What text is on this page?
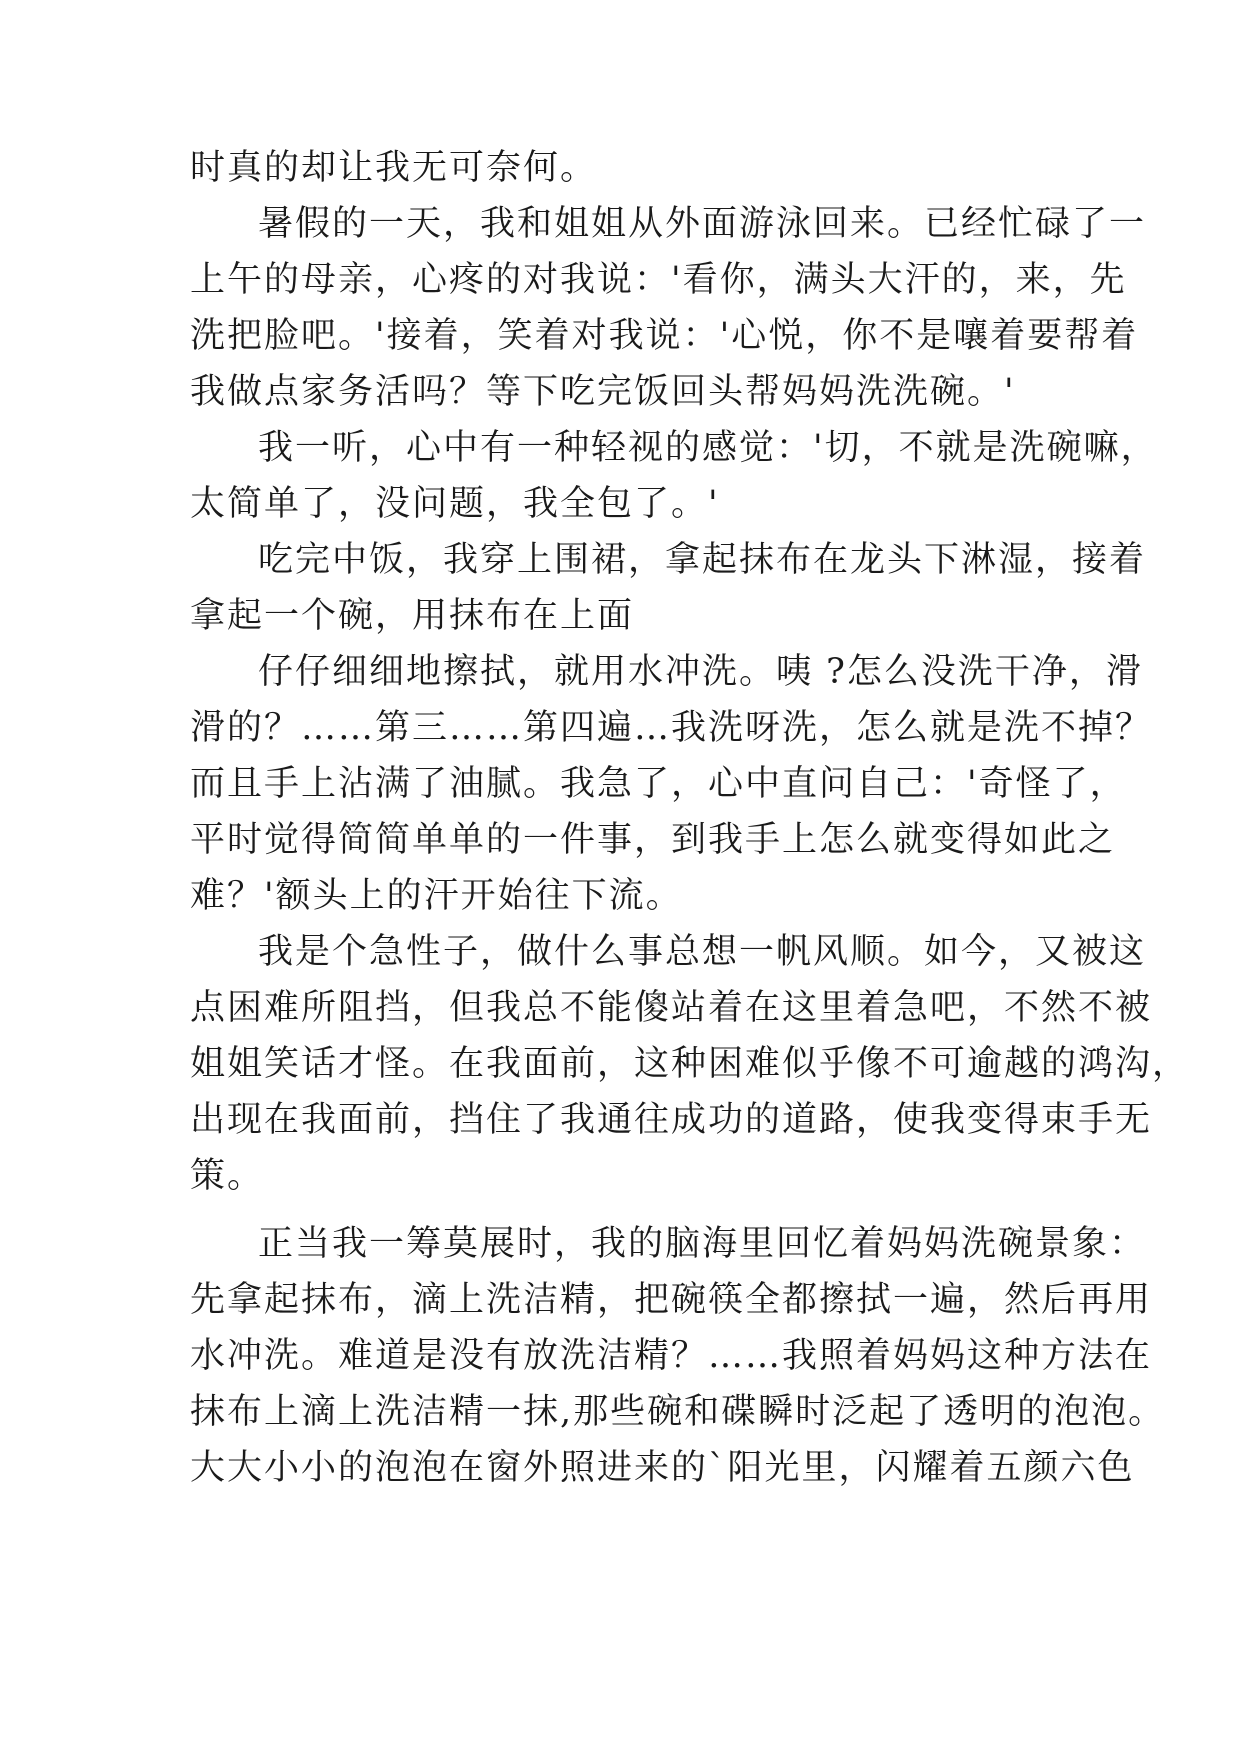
时真的却让我无可奈何。
暑假的一天，我和姐姐从外面游泳回来。已经忙碌了一
上午的母亲，心疼的对我说：'看你，满头大汗的，来，先
洗把脸吧。'接着，笑着对我说：'心悦，你不是嚷着要帮着
我做点家务活吗？等下吃完饭回头帮妈妈洗洗碗。'
我一听，心中有一种轻视的感觉：'切，不就是洗碗嘛，
太简单了，没问题，我全包了。'
吃完中饭，我穿上围裙，拿起抹布在龙头下淋湿，接着
拿起一个碗，用抹布在上面
仔仔细细地擦拭，就用水冲洗。咦 ?怎么没洗干净，滑
滑的？……第三……第四遍…我洗呀洗，怎么就是洗不掉？
而且手上沾满了油腻。我急了，心中直问自己：'奇怪了，
平时觉得简简单单的一件事，到我手上怎么就变得如此之
难？'额头上的汗开始往下流。
我是个急性子，做什么事总想一帆风顺。如今，又被这
点困难所阻挡，但我总不能傻站着在这里着急吧，不然不被
姐姐笑话才怪。在我面前，这种困难似乎像不可逾越的鸿沟，
出现在我面前，挡住了我通往成功的道路，使我变得束手无
策。
正当我一筹莫展时，我的脑海里回忆着妈妈洗碗景象：
先拿起抹布，滴上洗洁精，把碗筷全都擦拭一遍，然后再用
水冲洗。难道是没有放洗洁精？……我照着妈妈这种方法在
抹布上滴上洗洁精一抹,那些碗和碟瞬时泛起了透明的泡泡。
大大小小的泡泡在窗外照进来的`阳光里，闪耀着五颜六色
